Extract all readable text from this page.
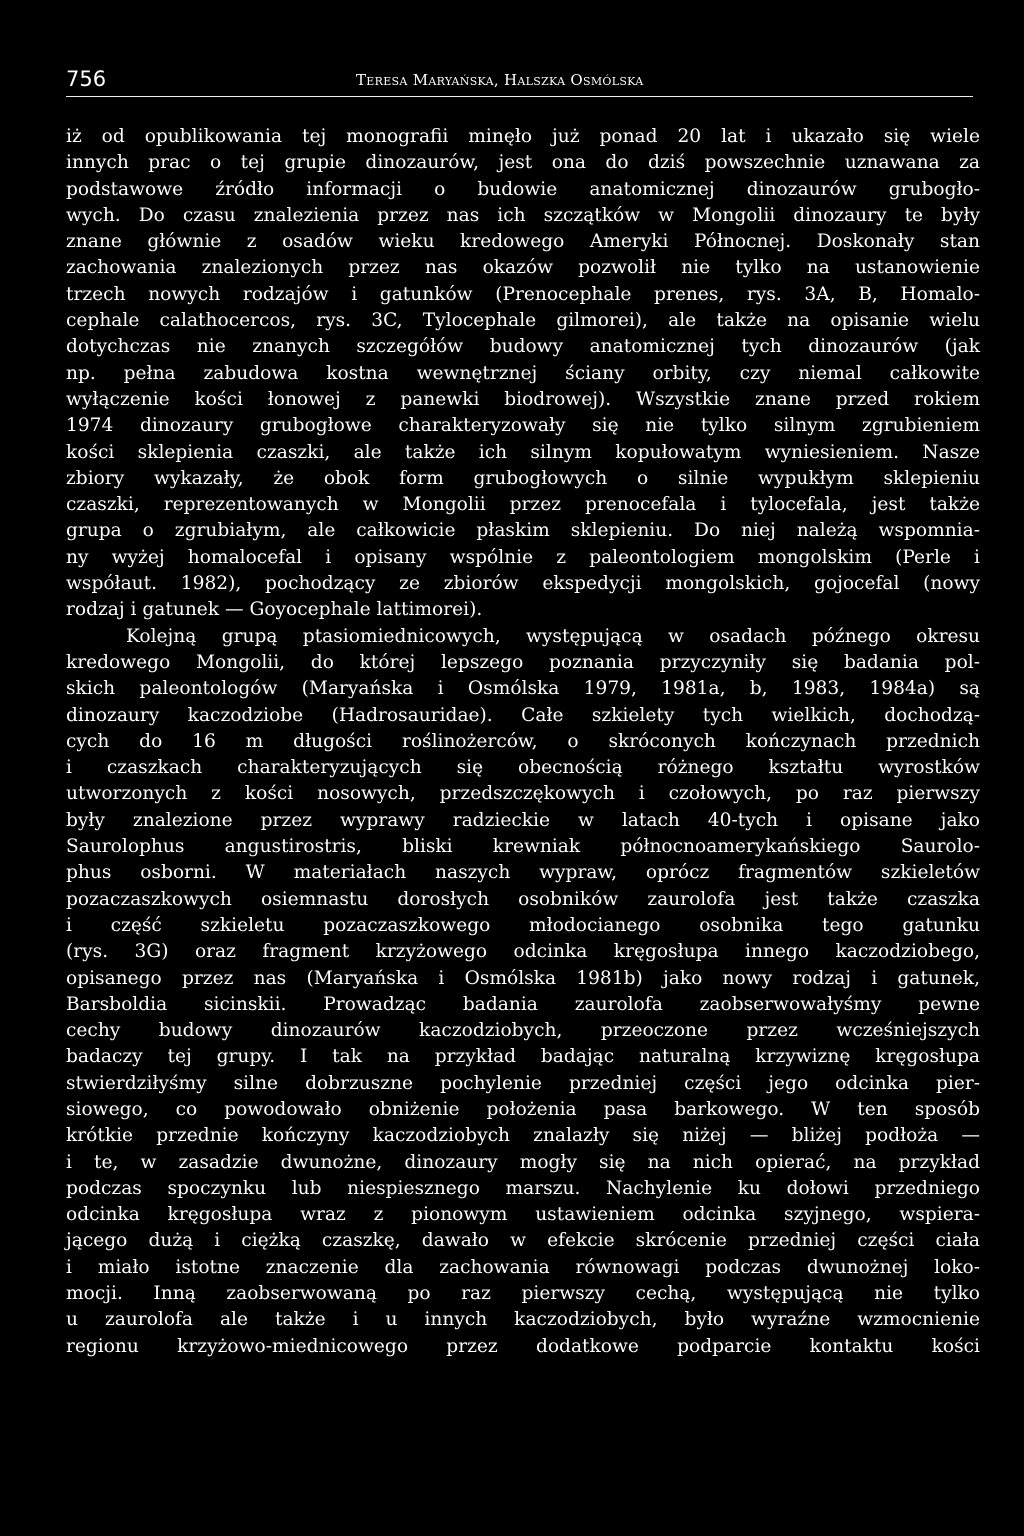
756	Teresa Maryańska, Halszka Osmólska
iż od opublikowania tej monografii minęło już ponad 20 lat i ukazało się wiele
innych prac o tej grupie dinozaurów, jest ona do dziś powszechnie uznawana za
podstawowe źródło informacji o budowie anatomicznej dinozaurów grubogło-
wych. Do czasu znalezienia przez nas ich szczątków w Mongolii dinozaury te były
znane głównie z osadów wieku kredowego Ameryki Północnej. Doskonały stan
zachowania znalezionych przez nas okazów pozwolił nie tylko na ustanowienie
trzech nowych rodzajów i gatunków (Prenocephale prenes, rys. 3A, B, Homalo-
cephale calathocercos, rys. 3C, Tylocephale gilmorei), ale także na opisanie wielu
dotychczas nie znanych szczegółów budowy anatomicznej tych dinozaurów (jak
np. pełna zabudowa kostna wewnętrznej ściany orbity, czy niemal całkowite
wyłączenie kości łonowej z panewki biodrowej). Wszystkie znane przed rokiem
1974 dinozaury grubogłowe charakteryzowały się nie tylko silnym zgrubieniem
kości sklepienia czaszki, ale także ich silnym kopułowatym wyniesieniem. Nasze
zbiory wykazały, że obok form grubogłowych o silnie wypukłym sklepieniu
czaszki, reprezentowanych w Mongolii przez prenocefala i tylocefala, jest także
grupa o zgrubiałym, ale całkowicie płaskim sklepieniu. Do niej należą wspomnia-
ny wyżej homalocefal i opisany wspólnie z paleontologiem mongolskim (Perle i
współaut. 1982), pochodzący ze zbiorów ekspedycji mongolskich, gojocefal (nowy
rodzaj i gatunek — Goyocephale lattimorei).
Kolejną grupą ptasiomiednicowych, występującą w osadach późnego okresu
kredowego Mongolii, do której lepszego poznania przyczyniły się badania pol-
skich paleontologów (Maryańska i Osmólska 1979, 1981a, b, 1983, 1984a) są
dinozaury kaczodziobe (Hadrosauridae). Całe szkielety tych wielkich, dochodzą-
cych do 16 m długości roślinożerców, o skróconych kończynach przednich
i czaszkach charakteryzujących się obecnością różnego kształtu wyrostków
utworzonych z kości nosowych, przedszczękowych i czołowych, po raz pierwszy
były znalezione przez wyprawy radzieckie w latach 40-tych i opisane jako
Saurolophus angustirostris, bliski krewniak północnoamerykańskiego Saurolo-
phus osborni. W materiałach naszych wypraw, oprócz fragmentów szkieletów
pozaczaszkowych osiemnastu dorosłych osobników zaurolofa jest także czaszka
i część szkieletu pozaczaszkowego młodocianego osobnika tego gatunku
(rys. 3G) oraz fragment krzyżowego odcinka kręgosłupa innego kaczodziobego,
opisanego przez nas (Maryańska i Osmólska 1981b) jako nowy rodzaj i gatunek,
Barsboldia sicinskii. Prowadząc badania zaurolofa zaobserwowałyśmy pewne
cechy budowy dinozaurów kaczodziobych, przeoczone przez wcześniejszych
badaczy tej grupy. I tak na przykład badając naturalną krzywiznę kręgosłupa
stwierdziłyśmy silne dobrzuszne pochylenie przedniej części jego odcinka pier-
siowego, co powodowało obniżenie położenia pasa barkowego. W ten sposób
krótkie przednie kończyny kaczodziobych znalazły się niżej — bliżej podłoża —
i te, w zasadzie dwunożne, dinozaury mogły się na nich opierać, na przykład
podczas spoczynku lub niespiesznego marszu. Nachylenie ku dołowi przedniego
odcinka kręgosłupa wraz z pionowym ustawieniem odcinka szyjnego, wspiera-
jącego dużą i ciężką czaszkę, dawało w efekcie skrócenie przedniej części ciała
i miało istotne znaczenie dla zachowania równowagi podczas dwunożnej loko-
mocji. Inną zaobserwowaną po raz pierwszy cechą, występującą nie tylko
u zaurolofa ale także i u innych kaczodziobych, było wyraźne wzmocnienie
regionu krzyżowo-miednicowego przez dodatkowe podparcie kontaktu kości
